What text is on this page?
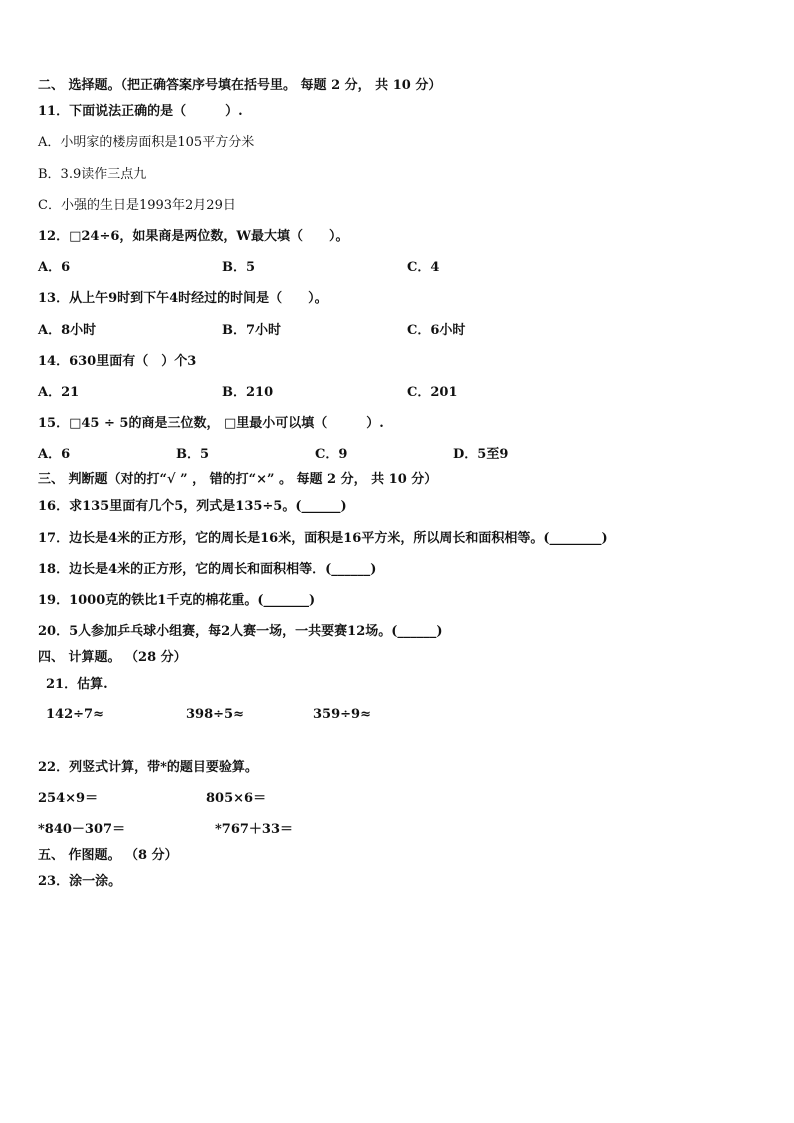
二、 选择题。（把正确答案序号填在括号里。 每题 2 分， 共 10 分）
11．下面说法正确的是（　　　）.
A．小明家的楼房面积是105平方分米
B．3.9读作三点九
C．小强的生日是1993年2月29日
12．□24÷6，如果商是两位数，W最大填（　　）。
A．6	B．5	C．4
13．从上午9时到下午4时经过的时间是（　　）。
A．8小时	B．7小时	C．6小时
14．630里面有（　）个3
A．21	B．210	C．201
15．□45 ÷ 5的商是三位数， □里最小可以填（　　　）.
A．6	B．5	C．9	D．5至9
三、 判断题（对的打“√ ” ， 错的打“×” 。 每题 2 分， 共 10 分）
16．求135里面有几个5，列式是135÷5。(______)
17．边长是4米的正方形，它的周长是16米，面积是16平方米，所以周长和面积相等。(________)
18．边长是4米的正方形，它的周长和面积相等．(______)
19．1000克的铁比1千克的棉花重。(_______)
20．5人参加乒乓球小组赛，每2人赛一场，一共要赛12场。(______)
四、 计算题。 （28 分）
21．估算.
142÷7≈	398÷5≈	359÷9≈
22．列竖式计算，带*的题目要验算。
254×9＝	805×6＝
*840－307＝	*767＋33＝
五、 作图题。 （8 分）
23．涂一涂。
